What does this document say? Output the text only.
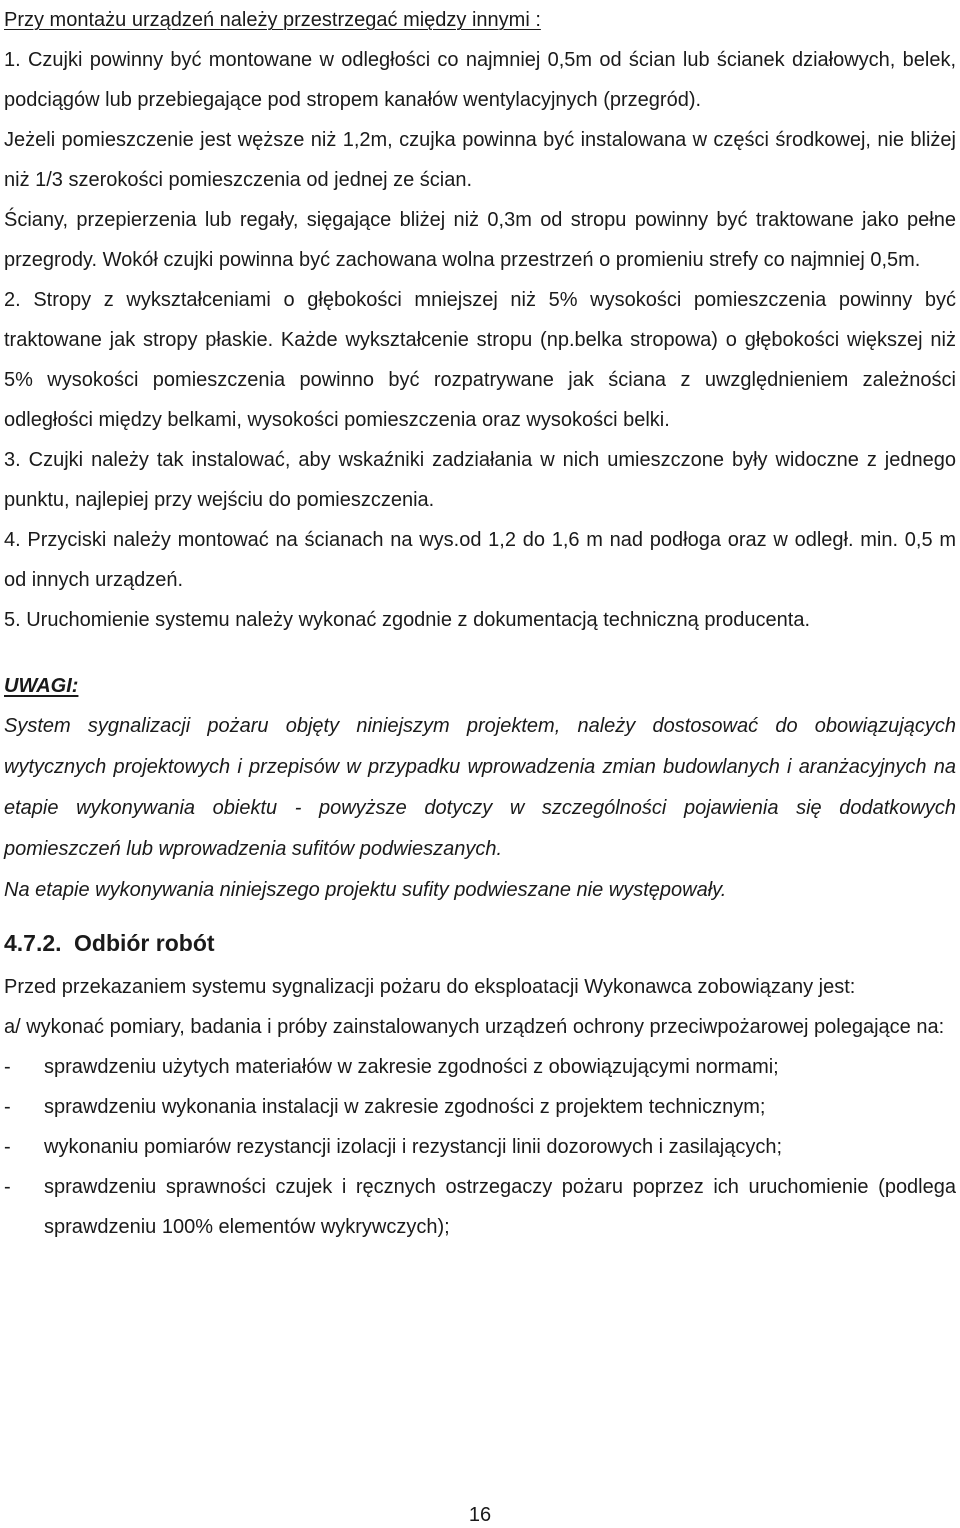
Przy montażu urządzeń należy przestrzegać między innymi :

1. Czujki powinny być montowane w odległości co najmniej 0,5m od ścian lub ścianek działowych, belek, podciągów lub przebiegające pod stropem kanałów wentylacyjnych (przegród).

Jeżeli pomieszczenie jest węższe niż 1,2m, czujka powinna być instalowana w części środkowej, nie bliżej niż 1/3 szerokości pomieszczenia od jednej ze ścian.

Ściany, przepierzenia lub regały, sięgające bliżej niż 0,3m od stropu powinny być traktowane jako pełne przegrody. Wokół czujki powinna być zachowana wolna przestrzeń o promieniu strefy co najmniej 0,5m.

2. Stropy z wykształceniami o głębokości mniejszej niż 5% wysokości pomieszczenia powinny być traktowane jak stropy płaskie. Każde wykształcenie stropu (np.belka stropowa) o głębokości większej niż 5% wysokości pomieszczenia powinno być rozpatrywane jak ściana z uwzględnieniem zależności odległości między belkami, wysokości pomieszczenia oraz wysokości belki.

3. Czujki należy tak instalować, aby wskaźniki zadziałania w nich umieszczone były widoczne z jednego punktu, najlepiej przy wejściu do pomieszczenia.

4. Przyciski należy montować na ścianach na wys.od 1,2 do 1,6 m nad podłoga oraz w odległ. min. 0,5 m od innych urządzeń.

5. Uruchomienie systemu należy wykonać zgodnie z dokumentacją techniczną producenta.

UWAGI:

System sygnalizacji pożaru objęty niniejszym projektem, należy dostosować do obowiązujących wytycznych projektowych i przepisów w przypadku wprowadzenia zmian budowlanych i aranżacyjnych na etapie wykonywania obiektu - powyższe dotyczy w szczególności pojawienia się dodatkowych pomieszczeń lub wprowadzenia sufitów podwieszanych.

Na etapie wykonywania niniejszego projektu sufity podwieszane nie występowały.

4.7.2. Odbiór robót

Przed przekazaniem systemu sygnalizacji pożaru do eksploatacji Wykonawca zobowiązany jest:

a/ wykonać pomiary, badania i próby zainstalowanych urządzeń ochrony przeciwpożarowej polegające na:

- sprawdzeniu użytych materiałów w zakresie zgodności z obowiązującymi normami;
- sprawdzeniu wykonania instalacji w zakresie zgodności z projektem technicznym;
- wykonaniu pomiarów rezystancji izolacji i rezystancji linii dozorowych i zasilających;
- sprawdzeniu sprawności czujek i ręcznych ostrzegaczy pożaru poprzez ich uruchomienie (podlega sprawdzeniu 100% elementów wykrywczych);
16
